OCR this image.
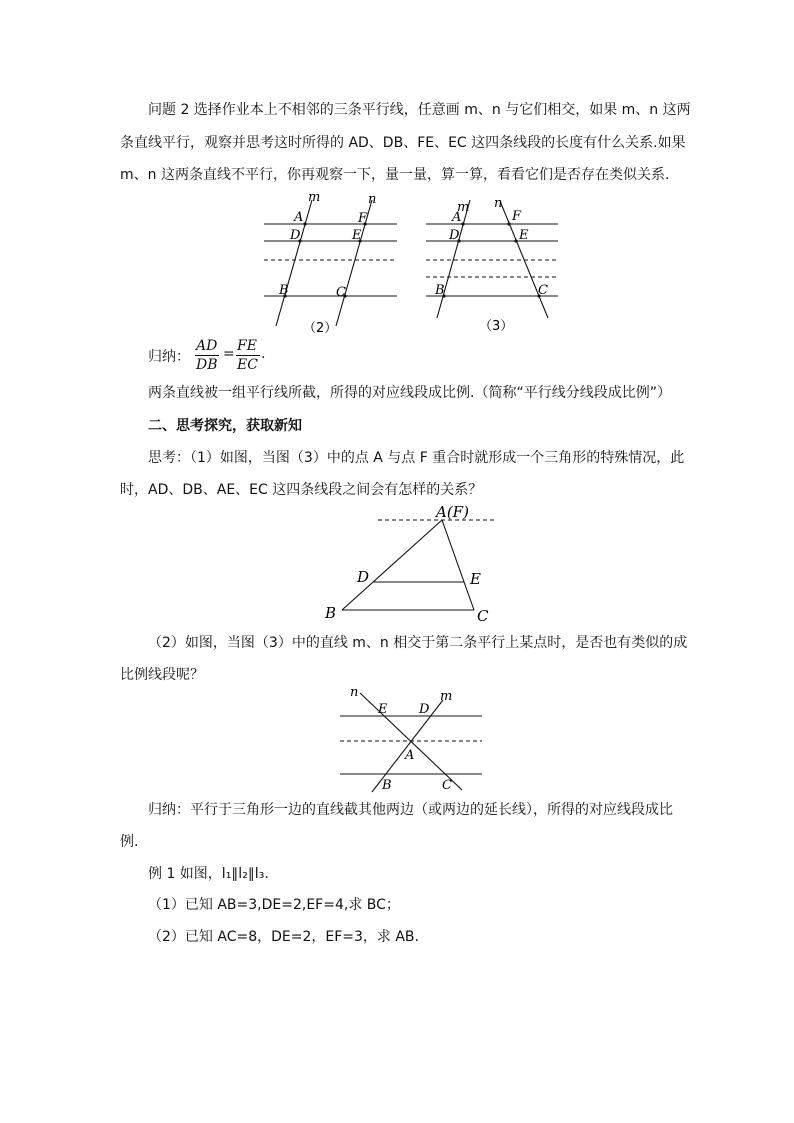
问题 2 选择作业本上不相邻的三条平行线，任意画 m、n 与它们相交，如果 m、n 这两
条直线平行，观察并思考这时所得的 AD、DB、FE、EC 这四条线段的长度有什么关系.如果
m、n 这两条直线不平行，你再观察一下，量一量，算一算，看看它们是否存在类似关系.
m	n
A	F
D	E
B	C
（2）
m n
A	F
D	E
B	C
（3）
归纳：
AD
DB
= FE
EC
.
两条直线被一组平行线所截，所得的对应线段成比例.（简称“平行线分线段成比例”）
二、思考探究，获取新知
思考：（1）如图，当图（3）中的点 A 与点 F 重合时就形成一个三角形的特殊情况，此
时，AD、DB、AE、EC 这四条线段之间会有怎样的关系？
A(F)
D	E
B	C
（2）如图，当图（3）中的直线 m、n 相交于第二条平行上某点时，是否也有类似的成
比例线段呢？
n	m
E D
A
B	C
归纳：平行于三角形一边的直线截其他两边（或两边的延长线），所得的对应线段成比
例.
例 1 如图，l₁∥l₂∥l₃.
（1）已知 AB=3,DE=2,EF=4,求 BC；
（2）已知 AC=8，DE=2，EF=3，求 AB.
